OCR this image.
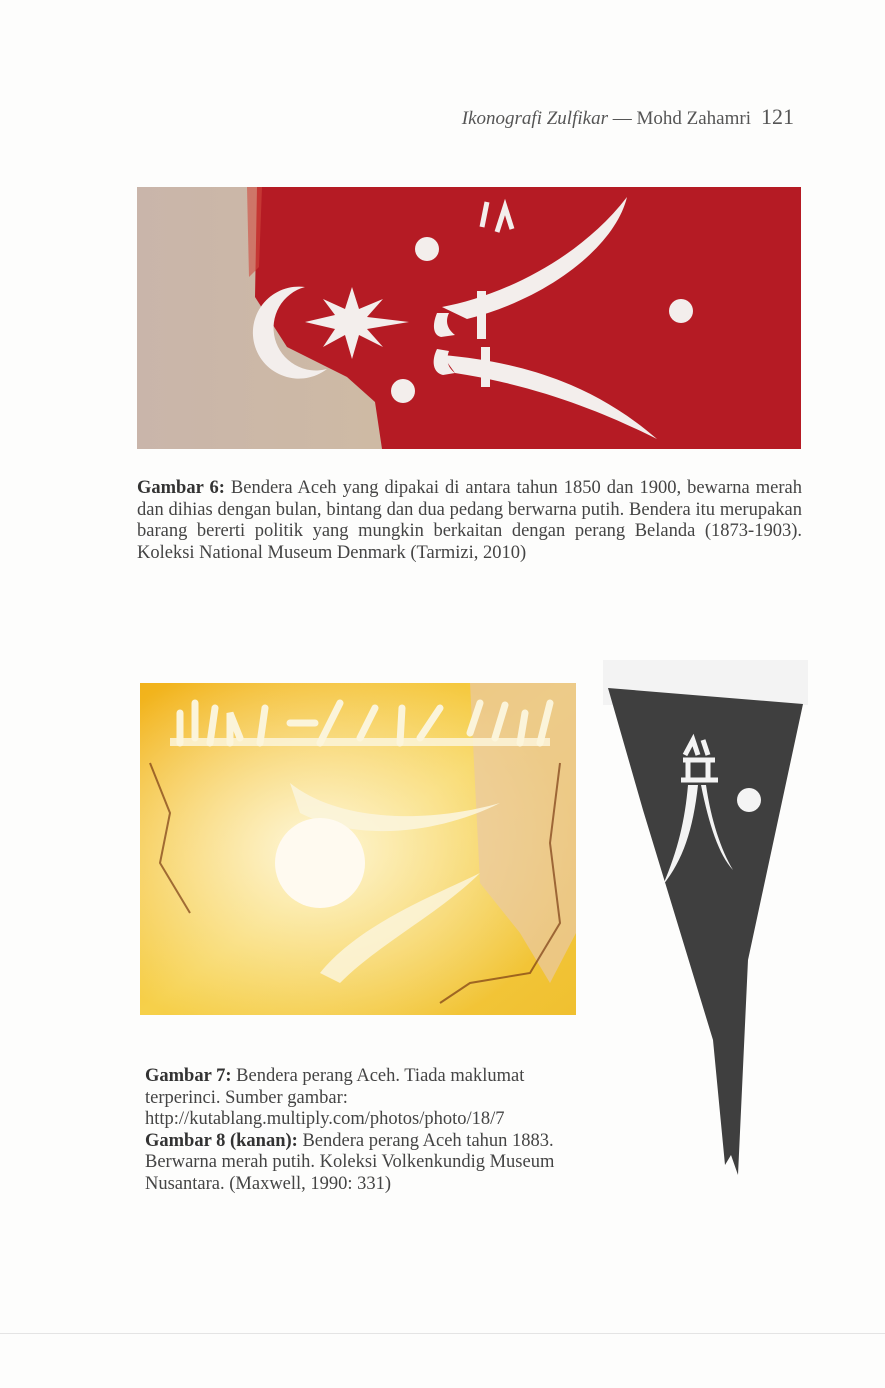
Ikonografi Zulfikar — Mohd Zahamri 121
Gambar 6: Bendera Aceh yang dipakai di antara tahun 1850 dan 1900, bewarna merah dan dihias dengan bulan, bintang dan dua pedang berwarna putih. Bendera itu merupakan barang bererti politik yang mungkin berkaitan dengan perang Belanda (1873-1903). Koleksi National Museum Denmark (Tarmizi, 2010)
Gambar 7: Bendera perang Aceh. Tiada maklumat terperinci. Sumber gambar: http://kutablang.multiply.com/photos/photo/18/7
Gambar 8 (kanan): Bendera perang Aceh tahun 1883. Berwarna merah putih. Koleksi Volkenkundig Museum Nusantara. (Maxwell, 1990: 331)
